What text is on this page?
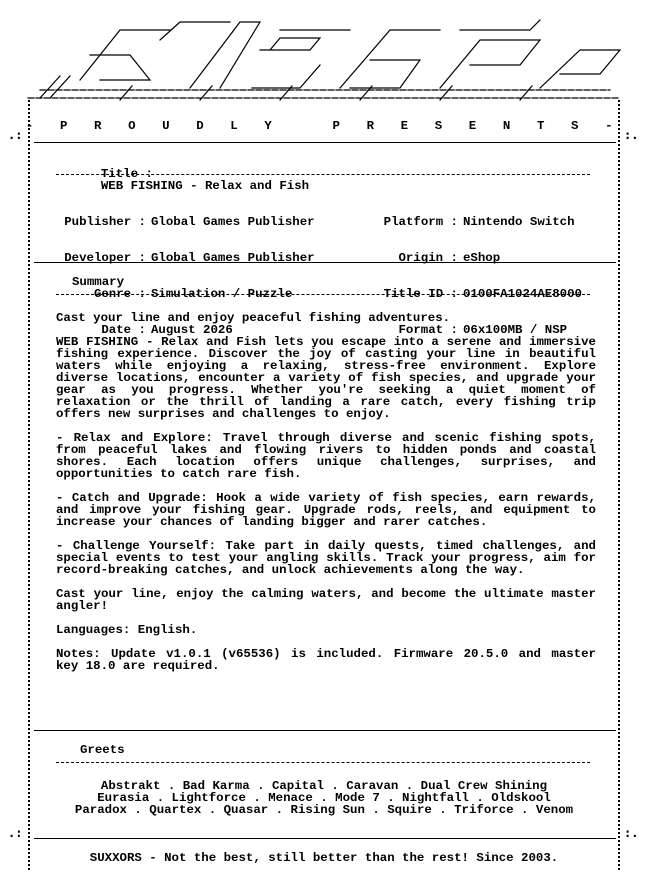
.:	:.
.:	:.
- P R O U D L Y   P R E S E N T S -

Title :
WEB FISHING - Relax and Fish

Publisher :

Developer :

Genre :

Date :

Global Games Publisher

Global Games Publisher

Simulation / Puzzle

August 2026

Platform :

Origin :

Title ID :

Format :

Nintendo Switch

eShop

0100FA1024AE8000

06x100MB / NSP

Summary

Cast your line and enjoy peaceful fishing adventures.

WEB FISHING - Relax and Fish lets you escape into a serene and immersive fishing experience. Discover the joy of casting your line in beautiful waters while enjoying a relaxing, stress-free environment. Explore diverse locations, encounter a variety of fish species, and upgrade your gear as you progress. Whether you're seeking a quiet moment of relaxation or the thrill of landing a rare catch, every fishing trip offers new surprises and challenges to enjoy.

- Relax and Explore: Travel through diverse and scenic fishing spots, from peaceful lakes and flowing rivers to hidden ponds and coastal shores. Each location offers unique challenges, surprises, and opportunities to catch rare fish.

- Catch and Upgrade: Hook a wide variety of fish species, earn rewards, and improve your fishing gear. Upgrade rods, reels, and equipment to increase your chances of landing bigger and rarer catches.

- Challenge Yourself: Take part in daily quests, timed challenges, and special events to test your angling skills. Track your progress, aim for record-breaking catches, and unlock achievements along the way.

Cast your line, enjoy the calming waters, and become the ultimate master angler!

Languages: English.

Notes: Update v1.0.1 (v65536) is included. Firmware 20.5.0 and master key 18.0 are required.

Greets
Abstrakt . Bad Karma . Capital . Caravan . Dual Crew Shining
Eurasia . Lightforce . Menace . Mode 7 . Nightfall . Oldskool
Paradox . Quartex . Quasar . Rising Sun . Squire . Triforce . Venom
SUXXORS - Not the best, still better than the rest! Since 2003.
